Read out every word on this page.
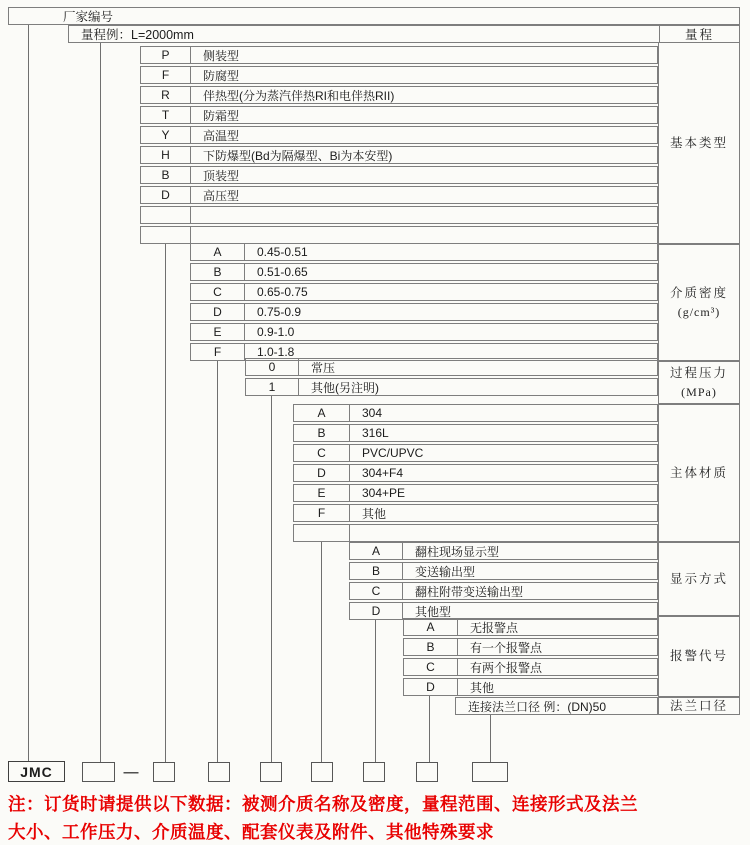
厂家编号
量程例：L=2000mm	量程
P	侧装型
F	防腐型
R	伴热型(分为蒸汽伴热RI和电伴热RII)
T	防霜型
Y	高温型
H	下防爆型(Bd为隔爆型、Bi为本安型)
B	顶装型
D	高压型
A	0.45-0.51
B	0.51-0.65
C	0.65-0.75
D	0.75-0.9
E	0.9-1.0
F	1.0-1.8
0	常压
1	其他(另注明)
A	304
B	316L
C	PVC/UPVC
D	304+F4
E	304+PE
F	其他
A	翻柱现场显示型
B	变送输出型
C	翻柱附带变送输出型
D	其他型
A	无报警点
B	有一个报警点
C	有两个报警点
D	其他
连接法兰口径 例：(DN)50
基本类型
介质密度
(g/cm³)
过程压力
(MPa)
主体材质
显示方式
报警代号
法兰口径
JMC	—
注：订货时请提供以下数据：被测介质名称及密度，量程范围、连接形式及法兰
大小、工作压力、介质温度、配套仪表及附件、其他特殊要求
